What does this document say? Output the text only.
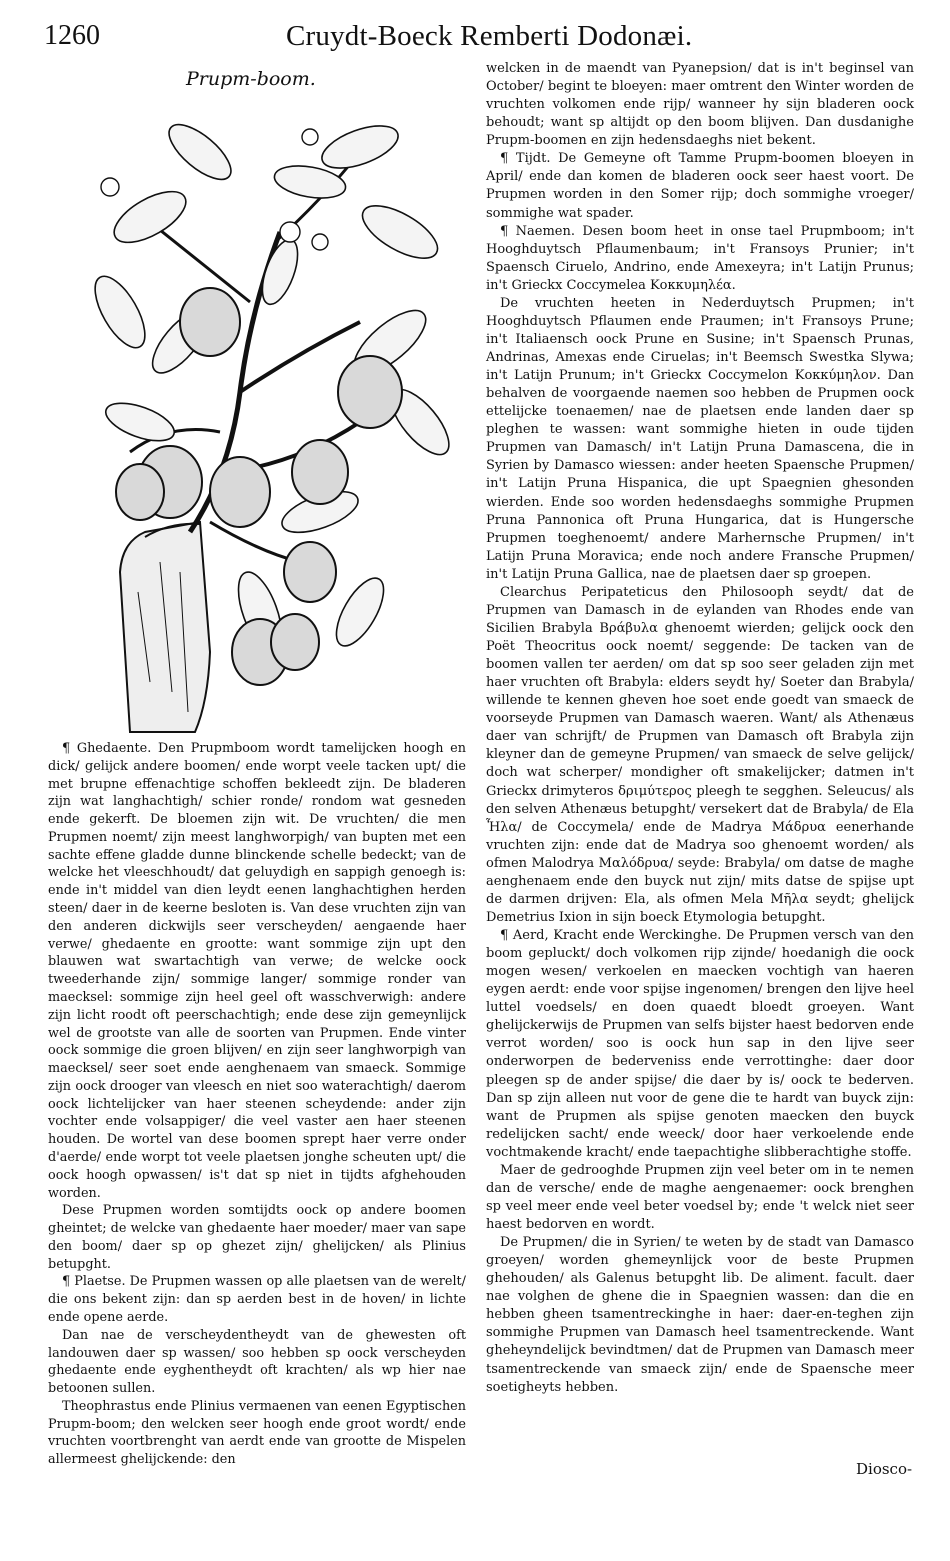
1260	Cruydt-Boeck Remberti Dodonæi.
Prupm-boom.

¶ Ghedaente. Den Prupmboom wordt tamelijcken hoogh en dick/ gelijck andere boomen/ ende worpt veele tacken upt/ die met brupne effenachtige schoffen bekleedt zijn. De bladeren zijn wat langhachtigh/ schier ronde/ rondom wat gesneden ende gekerft. De bloemen zijn wit. De vruchten/ die men Prupmen noemt/ zijn meest langhworpigh/ van bupten met een sachte effene gladde dunne blinckende schelle bedeckt; van de welcke het vleeschhoudt/ dat geluydigh en sappigh genoegh is: ende in't middel van dien leydt eenen langhachtighen herden steen/ daer in de keerne besloten is. Van dese vruchten zijn van den anderen dickwijls seer verscheyden/ aengaende haer verwe/ ghedaente en grootte: want sommige zijn upt den blauwen wat swartachtigh van verwe; de welcke oock tweederhande zijn/ sommige langer/ sommige ronder van maecksel: sommige zijn heel geel oft wasschverwigh: andere zijn licht roodt oft peerschachtigh; ende dese zijn gemeynlijck wel de grootste van alle de soorten van Prupmen. Ende vinter oock sommige die groen blijven/ en zijn seer langhworpigh van maecksel/ seer soet ende aenghenaem van smaeck. Sommige zijn oock drooger van vleesch en niet soo waterachtigh/ daerom oock lichtelijcker van haer steenen scheydende: ander zijn vochter ende volsappiger/ die veel vaster aen haer steenen houden. De wortel van dese boomen sprept haer verre onder d'aerde/ ende worpt tot veele plaetsen jonghe scheuten upt/ die oock hoogh opwassen/ is't dat sp niet in tijdts afghehouden worden.

Dese Prupmen worden somtijdts oock op andere boomen gheintet; de welcke van ghedaente haer moeder/ maer van sape den boom/ daer sp op ghezet zijn/ ghelijcken/ als Plinius betupght.

¶ Plaetse. De Prupmen wassen op alle plaetsen van de werelt/ die ons bekent zijn: dan sp aerden best in de hoven/ in lichte ende opene aerde.

Dan nae de verscheydentheydt van de ghewesten oft landouwen daer sp wassen/ soo hebben sp oock verscheyden ghedaente ende eyghentheydt oft krachten/ als wp hier nae betoonen sullen.

Theophrastus ende Plinius vermaenen van eenen Egyptischen Prupm-boom; den welcken seer hoogh ende groot wordt/ ende vruchten voortbrenght van aerdt ende van grootte de Mispelen allermeest ghelijckende: den

welcken in de maendt van Pyanepsion/ dat is in't beginsel van October/ begint te bloeyen: maer omtrent den Winter worden de vruchten volkomen ende rijp/ wanneer hy sijn bladeren oock behoudt; want sp altijdt op den boom blijven. Dan dusdanighe Prupm-boomen en zijn hedensdaeghs niet bekent.

¶ Tijdt. De Gemeyne oft Tamme Prupm-boomen bloeyen in April/ ende dan komen de bladeren oock seer haest voort. De Prupmen worden in den Somer rijp; doch sommighe vroeger/ sommighe wat spader.

¶ Naemen. Desen boom heet in onse tael Prupmboom; in't Hooghduytsch Pflaumenbaum; in't Fransoys Prunier; in't Spaensch Ciruelo, Andrino, ende Amexeyra; in't Latijn Prunus; in't Grieckx Coccymelea Κοκκυμηλέα.

De vruchten heeten in Nederduytsch Prupmen; in't Hooghduytsch Pflaumen ende Praumen; in't Fransoys Prune; in't Italiaensch oock Prune en Susine; in't Spaensch Prunas, Andrinas, Amexas ende Ciruelas; in't Beemsch Swestka Slywa; in't Latijn Prunum; in't Grieckx Coccymelon Κοκκύμηλον. Dan behalven de voorgaende naemen soo hebben de Prupmen oock ettelijcke toenaemen/ nae de plaetsen ende landen daer sp pleghen te wassen: want sommighe hieten in oude tijden Prupmen van Damasch/ in't Latijn Pruna Damascena, die in Syrien by Damasco wiessen: ander heeten Spaensche Prupmen/ in't Latijn Pruna Hispanica, die upt Spaegnien ghesonden wierden. Ende soo worden hedensdaeghs sommighe Prupmen Pruna Pannonica oft Pruna Hungarica, dat is Hungersche Prupmen toeghenoemt/ andere Marhernsche Prupmen/ in't Latijn Pruna Moravica; ende noch andere Fransche Prupmen/ in't Latijn Pruna Gallica, nae de plaetsen daer sp groepen.

Clearchus Peripateticus den Philosooph seydt/ dat de Prupmen van Damasch in de eylanden van Rhodes ende van Sicilien Brabyla Βράβυλα ghenoemt wierden; gelijck oock den Poët Theocritus oock noemt/ seggende: De tacken van de boomen vallen ter aerden/ om dat sp soo seer geladen zijn met haer vruchten oft Brabyla: elders seydt hy/ Soeter dan Brabyla/ willende te kennen gheven hoe soet ende goedt van smaeck de voorseyde Prupmen van Damasch waeren. Want/ als Athenæus daer van schrijft/ de Prupmen van Damasch oft Brabyla zijn kleyner dan de gemeyne Prupmen/ van smaeck de selve gelijck/ doch wat scherper/ mondigher oft smakelijcker; datmen in't Grieckx drimyteros δριμύτερος pleegh te segghen. Seleucus/ als den selven Athenæus betupght/ versekert dat de Brabyla/ de Ela Ἦλα/ de Coccymela/ ende de Madrya Μάδρυα eenerhande vruchten zijn: ende dat de Madrya soo ghenoemt worden/ als ofmen Malodrya Μαλόδρυα/ seyde: Brabyla/ om datse de maghe aenghenaem ende den buyck nut zijn/ mits datse de spijse upt de darmen drijven: Ela, als ofmen Mela Μῆλα seydt; ghelijck Demetrius Ixion in sijn boeck Etymologia betupght.

¶ Aerd, Kracht ende Werckinghe. De Prupmen versch van den boom gepluckt/ doch volkomen rijp zijnde/ hoedanigh die oock mogen wesen/ verkoelen en maecken vochtigh van haeren eygen aerdt: ende voor spijse ingenomen/ brengen den lijve heel luttel voedsels/ en doen quaedt bloedt groeyen. Want ghelijckerwijs de Prupmen van selfs bijster haest bedorven ende verrot worden/ soo is oock hun sap in den lijve seer onderworpen de bederveniss ende verrottinghe: daer door pleegen sp de ander spijse/ die daer by is/ oock te bederven. Dan sp zijn alleen nut voor de gene die te hardt van buyck zijn: want de Prupmen als spijse genoten maecken den buyck redelijcken sacht/ ende weeck/ door haer verkoelende ende vochtmakende kracht/ ende taepachtighe slibberachtighe stoffe.

Maer de gedrooghde Prupmen zijn veel beter om in te nemen dan de versche/ ende de maghe aengenaemer: oock brenghen sp veel meer ende veel beter voedsel by; ende 't welck niet seer haest bedorven en wordt.

De Prupmen/ die in Syrien/ te weten by de stadt van Damasco groeyen/ worden ghemeynlijck voor de beste Prupmen ghehouden/ als Galenus betupght lib. De aliment. facult. daer nae volghen de ghene die in Spaegnien wassen: dan die en hebben gheen tsamentreckinghe in haer: daer-en-teghen zijn sommighe Prupmen van Damasch heel tsamentreckende. Want gheheyndelijck bevindtmen/ dat de Prupmen van Damasch meer tsamentreckende van smaeck zijn/ ende de Spaensche meer soetigheyts hebben.

Diosco-
